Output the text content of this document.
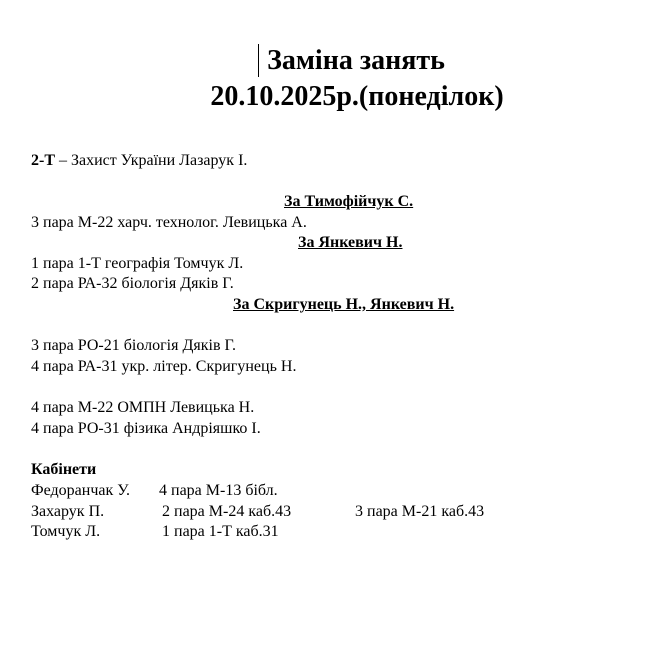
Заміна занять
20.10.2025р.(понеділок)
2-Т – Захист України Лазарук І.
За Тимофійчук С.
3 пара М-22 харч. технолог. Левицька А.
За Янкевич Н.
1 пара 1-Т географія Томчук Л.
2 пара РА-32 біологія Дяків Г.
За Скригунець Н., Янкевич Н.
3 пара РО-21 біологія Дяків Г.
4 пара РА-31 укр. літер. Скригунець Н.
4 пара М-22 ОМПН Левицька Н.
4 пара РО-31 фізика Андріяшко І.
Кабінети
Федоранчак У. 4 пара М-13 бібл.
Захарук П.	2 пара М-24 каб.43	3 пара М-21 каб.43
Томчук Л.	1 пара 1-Т каб.31
